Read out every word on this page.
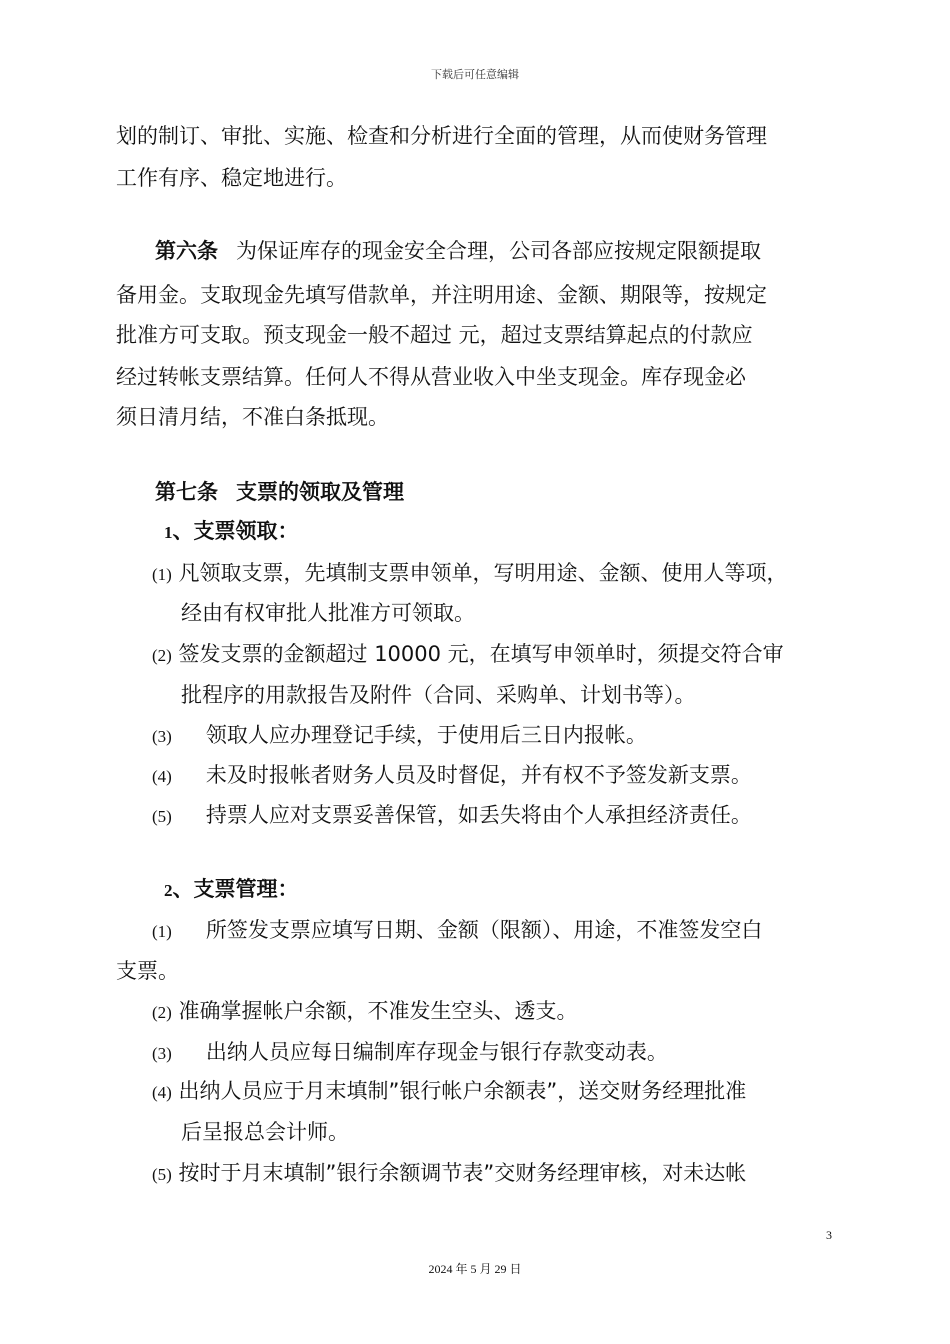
下载后可任意编辑
划的制订、审批、实施、检查和分析进行全面的管理，从而使财务管理
工作有序、稳定地进行。
第六条 为保证库存的现金安全合理，公司各部应按规定限额提取
备用金。支取现金先填写借款单，并注明用途、金额、期限等，按规定
批准方可支取。预支现金一般不超过 元，超过支票结算起点的付款应
经过转帐支票结算。任何人不得从营业收入中坐支现金。库存现金必
须日清月结，不准白条抵现。
第七条 支票的领取及管理
1、支票领取：
(1) 凡领取支票，先填制支票申领单，写明用途、金额、使用人等项，
经由有权审批人批准方可领取。
(2) 签发支票的金额超过 10000 元，在填写申领单时，须提交符合审
批程序的用款报告及附件（合同、采购单、计划书等）。
(3) 领取人应办理登记手续，于使用后三日内报帐。
(4) 未及时报帐者财务人员及时督促，并有权不予签发新支票。
(5) 持票人应对支票妥善保管，如丢失将由个人承担经济责任。
2、支票管理：
(1) 所签发支票应填写日期、金额（限额）、用途，不准签发空白
支票。
(2) 准确掌握帐户余额，不准发生空头、透支。
(3) 出纳人员应每日编制库存现金与银行存款变动表。
(4) 出纳人员应于月末填制”银行帐户余额表”，送交财务经理批准
后呈报总会计师。
(5) 按时于月末填制”银行余额调节表”交财务经理审核，对未达帐
3
2024 年 5 月 29 日
